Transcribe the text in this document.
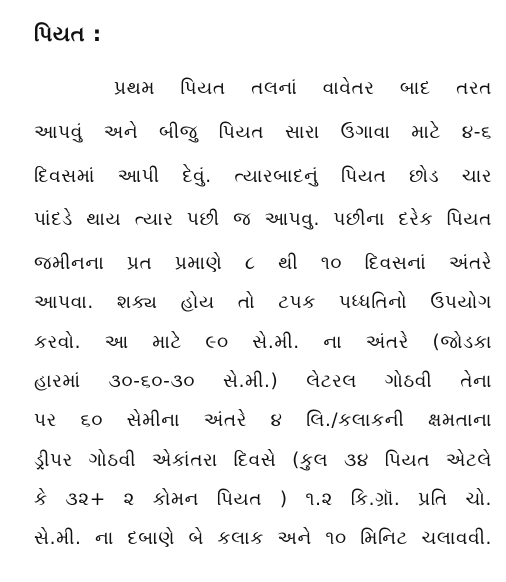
પિયત :
પ્રથમ પિયત તલનાં વાવેતર બાદ તરત
આપવું અને બીજુ પિયત સારા ઉગાવા માટે ૪-૬
દિવસમાં આપી દેવું. ત્યારબાદનું પિયત છોડ ચાર
પાંદડે થાય ત્યાર પછી જ આપવુ. પછીના દરેક પિયત
જમીનના પ્રત પ્રમાણે ૮ થી ૧૦ દિવસનાં અંતરે
આપવા. શક્ય હોય તો ટપક પધ્ધતિનો ઉપયોગ
કરવો. આ માટે ૯૦ સે.મી. ના અંતરે (જોડકા
હારમાં ૩૦-૬૦-૩૦ સે.મી.) લેટરલ ગોઠવી તેના
પર ૬૦ સેમીના અંતરે ૪ લિ./કલાકની ક્ષમતાના
ડ્રીપર ગોઠવી એકાંતરા દિવસે (કુલ ૩૪ પિયત એટલે
કે ૩૨+ ૨ કોમન પિયત ) ૧.૨ કિ.ગ્રૉ. પ્રતિ ચો.
સે.મી. ના દબાણે બે કલાક અને ૧૦ મિનિટ ચલાવવી.
